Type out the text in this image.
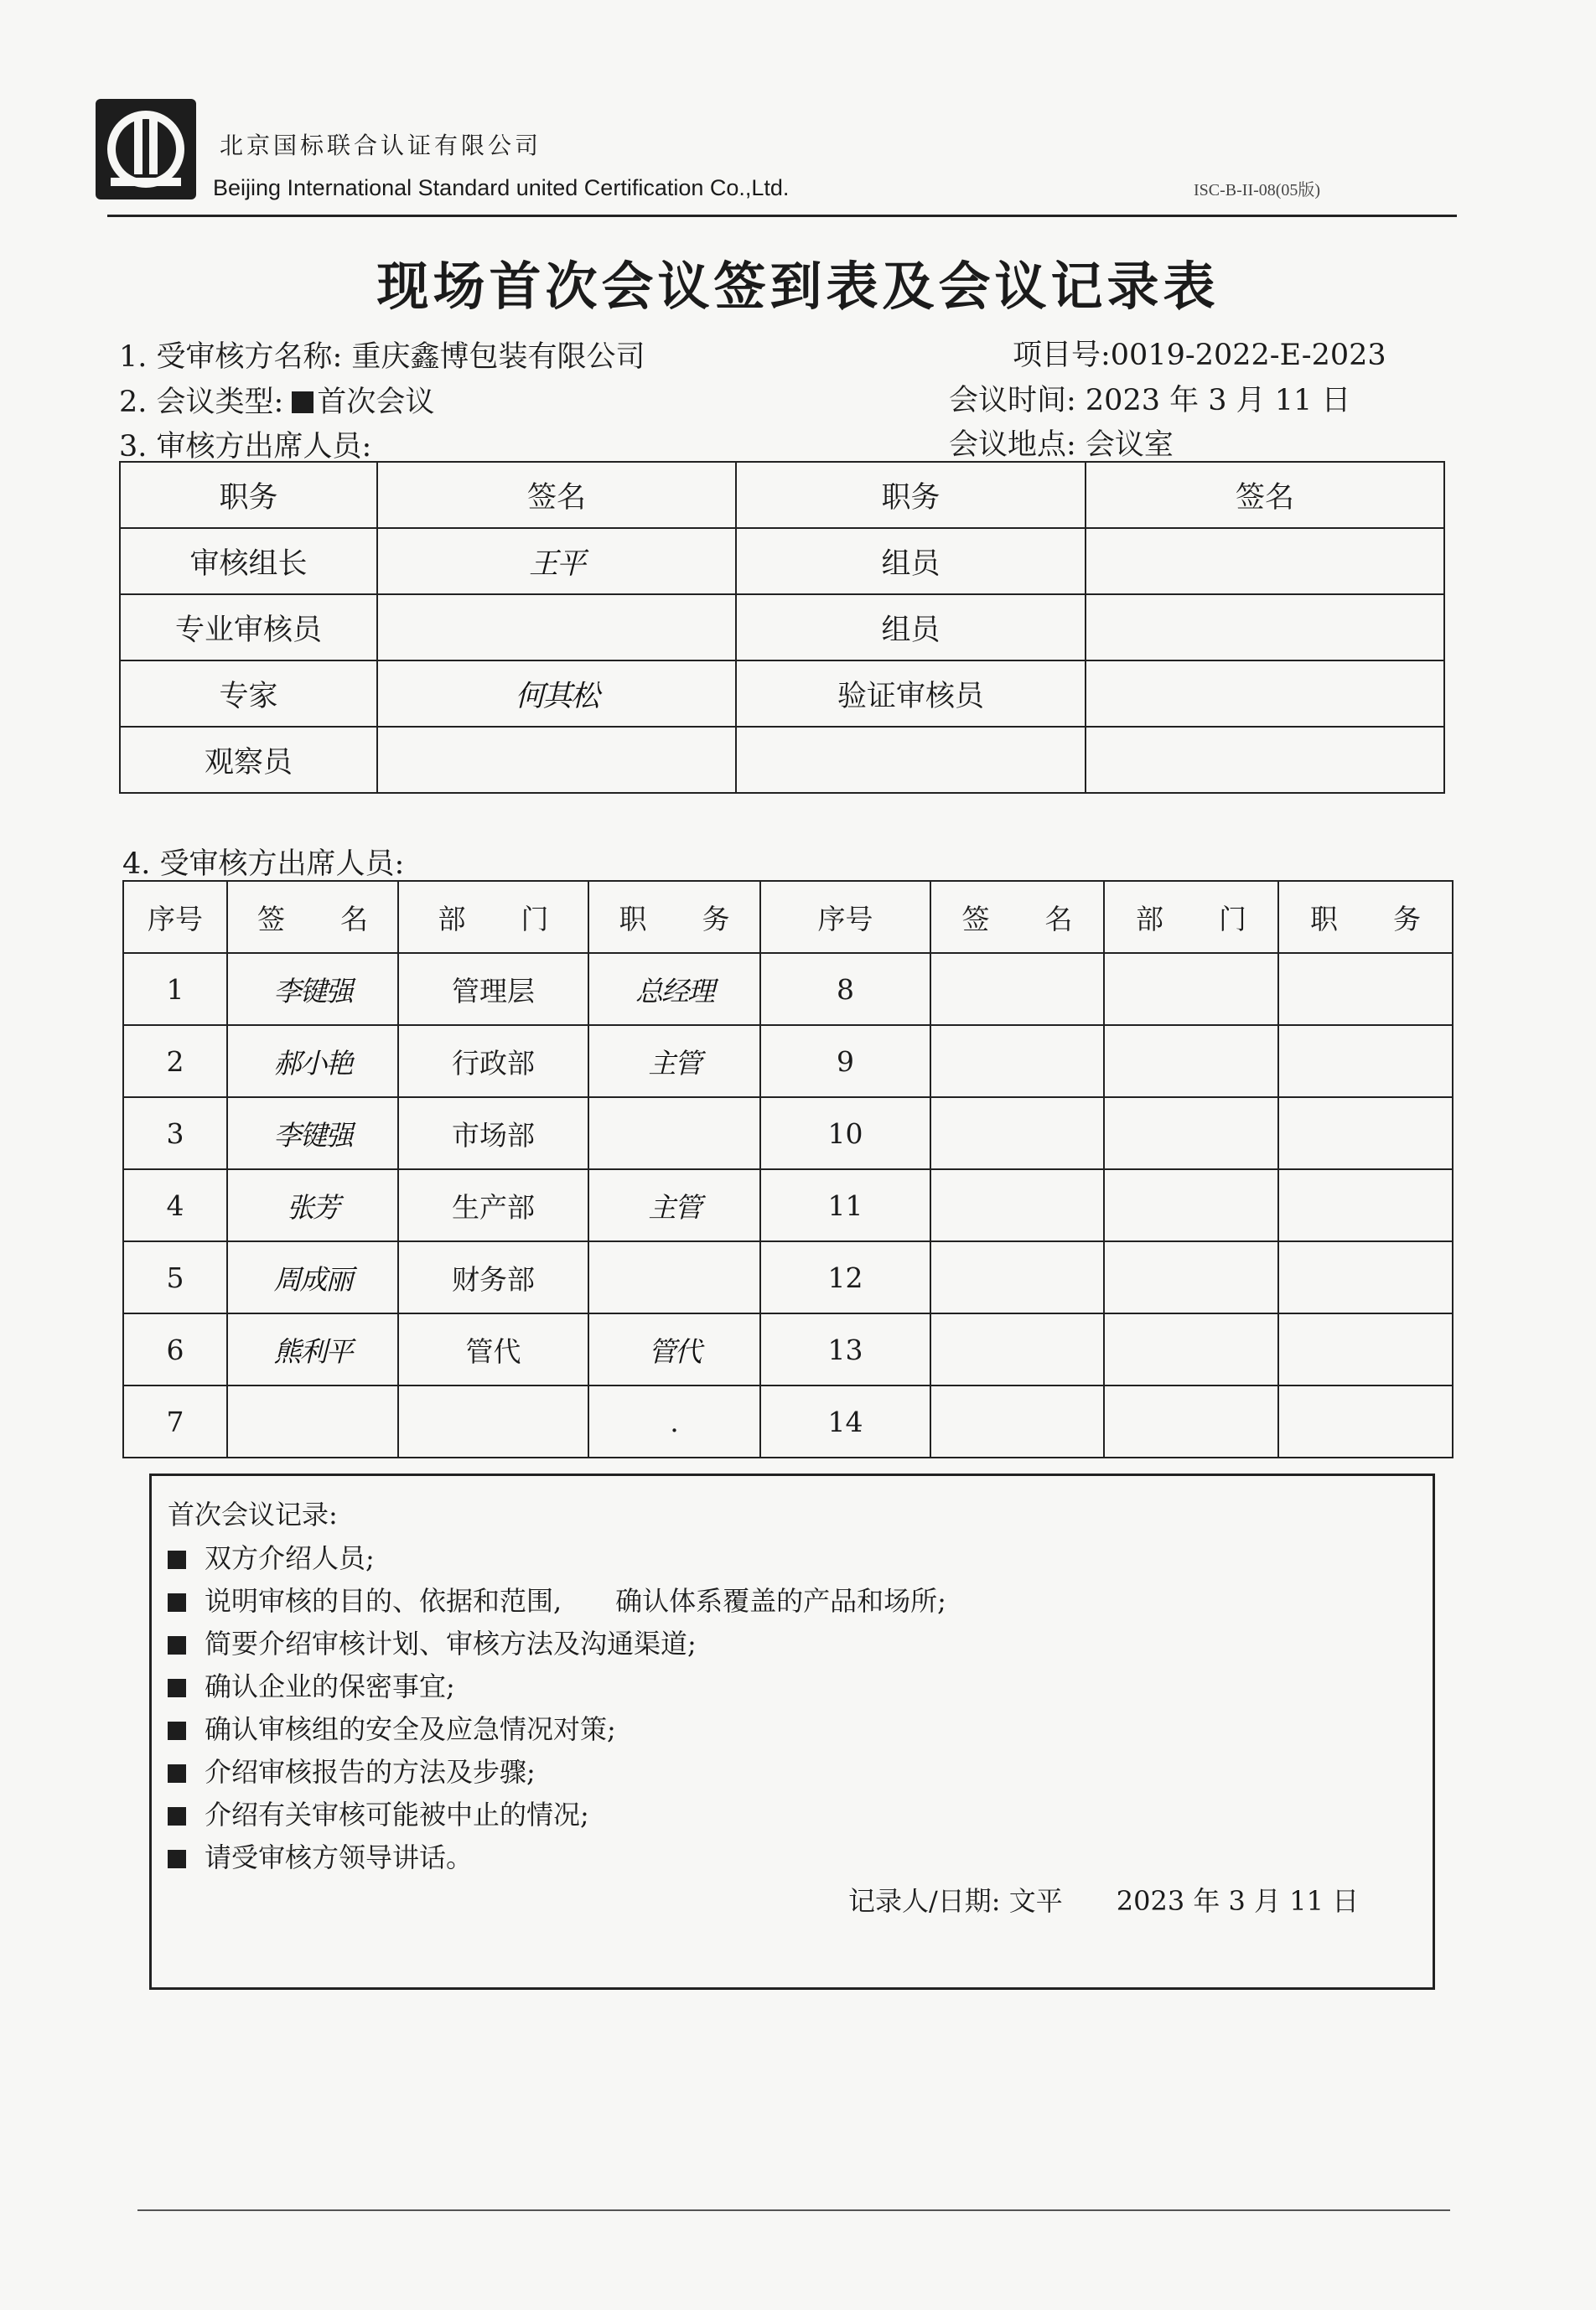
北京国标联合认证有限公司
Beijing International Standard united Certification Co.,Ltd.	ISC-B-II-08(05版)
现场首次会议签到表及会议记录表
1. 受审核方名称: 重庆鑫博包装有限公司	项目号:0019-2022-E-2023
2. 会议类型: 首次会议	会议时间: 2023 年 3 月 11 日
3. 审核方出席人员:	会议地点: 会议室
职务	签名	职务	签名
审核组长	王平	组员	
专业审核员		组员	
专家	何其松	验证审核员	
观察员			
4. 受审核方出席人员:
序号	签　　名	部　　门	职　　务	序号	签　　名	部　　门	职　　务
1	李键强	管理层	总经理	8			
2	郝小艳	行政部	主管	9			
3	李键强	市场部		10			
4	张芳	生产部	主管	11			
5	周成丽	财务部		12			
6	熊利平	管代	管代	13			
7			.	14			
首次会议记录:
双方介绍人员;
说明审核的目的、依据和范围,　　确认体系覆盖的产品和场所;
简要介绍审核计划、审核方法及沟通渠道;
确认企业的保密事宜;
确认审核组的安全及应急情况对策;
介绍审核报告的方法及步骤;
介绍有关审核可能被中止的情况;
请受审核方领导讲话。
记录人/日期: 文平　　2023 年 3 月 11 日
